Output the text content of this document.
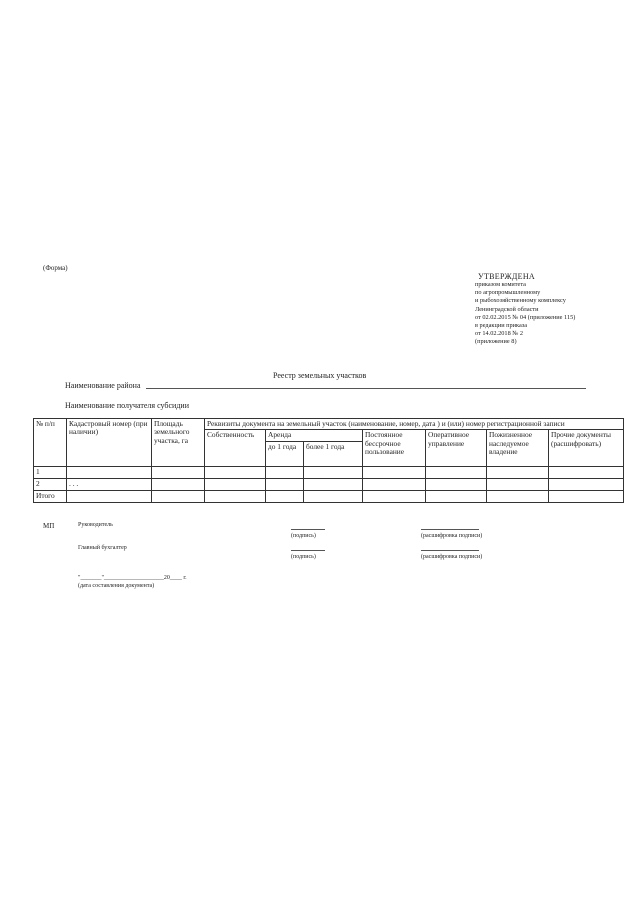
(Форма)
УТВЕРЖДЕНА
приказом комитета
по агропромышленному
и рыбохозяйственному комплексу
Ленинградской области
от 02.02.2015 № 04 (приложение 115)
в редакции приказа
от 14.02.2018 № 2
(приложение 8)
Реестр земельных участков
Наименование района
Наименование получателя субсидии
№ п/п	Кадастровый номер (при наличии)	Площадь земельного участка, га	Реквизиты документа на земельный участок (наименование, номер, дата ) и (или) номер регистрационной записи						
			Собственность	Аренда		Постоянное бессрочное пользование	Оперативное управление	Пожизненное наследуемое владение	Прочие документы (расшифровать)
				до 1 года	более 1 года				
1									
2	. . .								
Итого									
МП	Руководитель
(подпись)	(расшифровка подписи)
Главный бухгалтер
(подпись)	(расшифровка подписи)
"_______"____________________20____ г.
(дата составления документа)
